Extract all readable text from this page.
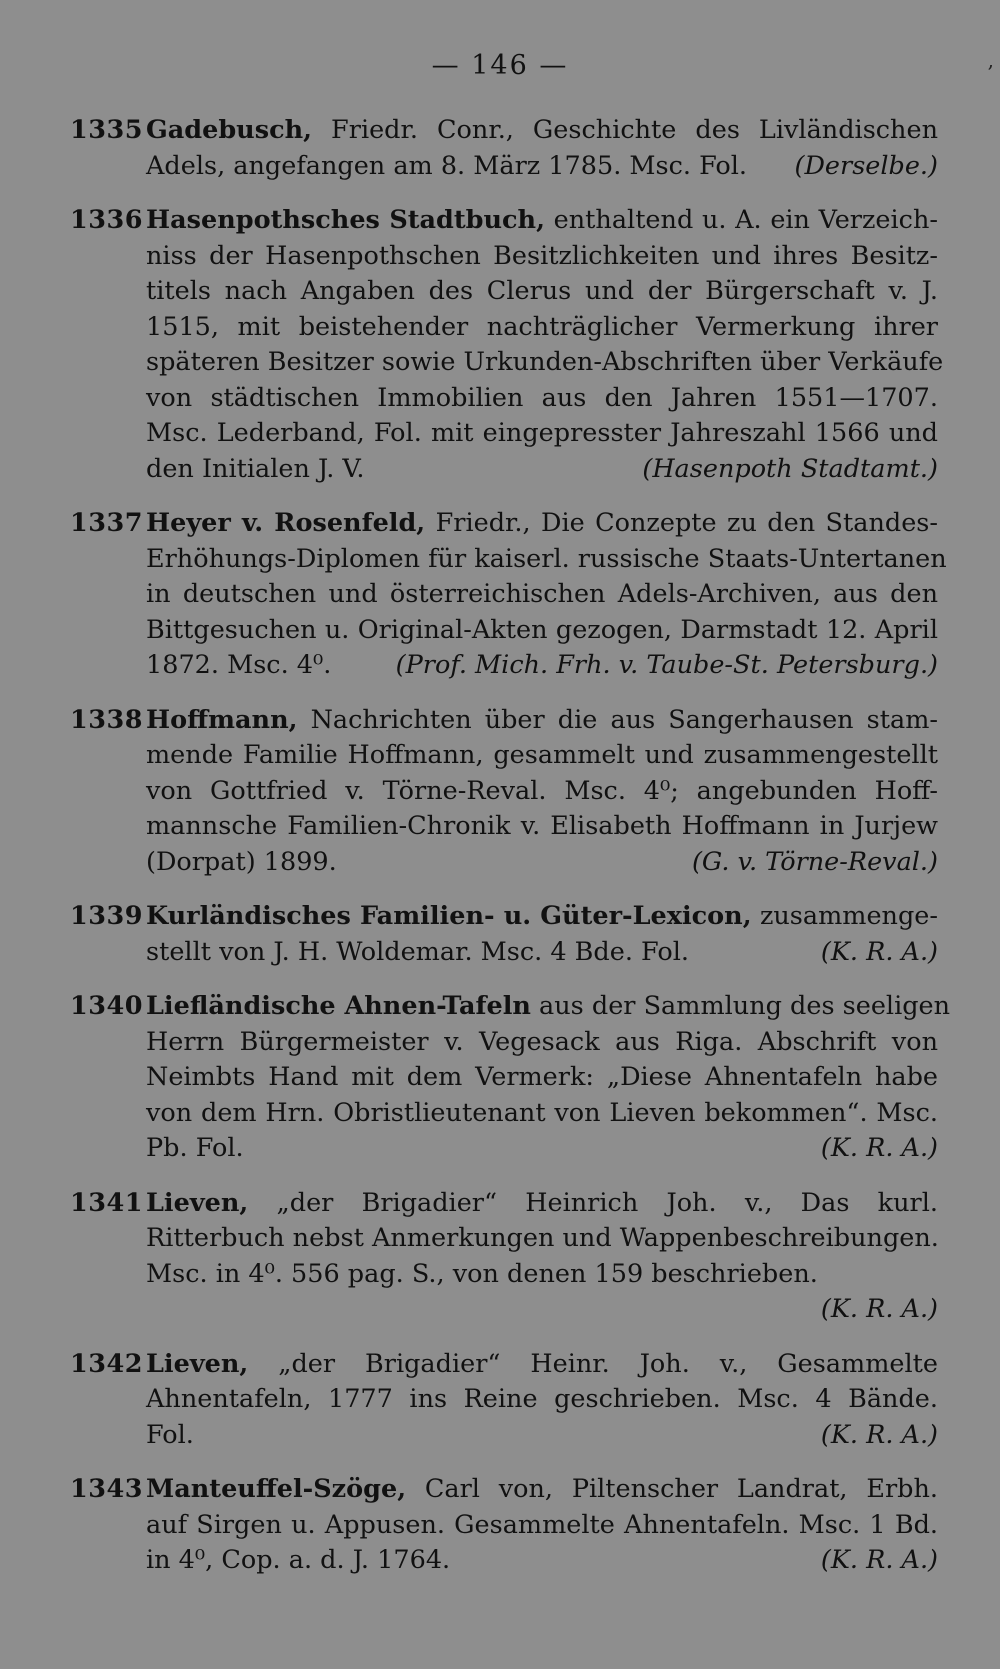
,
— 146 —
1335 Gadebusch, Friedr. Conr., Geschichte des Livländischen
Adels, angefangen am 8. März 1785. Msc. Fol. (Derselbe.)
1336 Hasenpothsches Stadtbuch, enthaltend u. A. ein Verzeich-
niss der Hasenpothschen Besitzlichkeiten und ihres Besitz-
titels nach Angaben des Clerus und der Bürgerschaft v. J.
1515, mit beistehender nachträglicher Vermerkung ihrer
späteren Besitzer sowie Urkunden-Abschriften über Verkäufe
von städtischen Immobilien aus den Jahren 1551—1707.
Msc. Lederband, Fol. mit eingepresster Jahreszahl 1566 und
den Initialen J. V.	(Hasenpoth Stadtamt.)
1337 Heyer v. Rosenfeld, Friedr., Die Conzepte zu den Standes-
Erhöhungs-Diplomen für kaiserl. russische Staats-Untertanen
in deutschen und österreichischen Adels-Archiven, aus den
Bittgesuchen u. Original-Akten gezogen, Darmstadt 12. April
1872. Msc. 4⁰.	(Prof. Mich. Frh. v. Taube-St. Petersburg.)
1338 Hoffmann, Nachrichten über die aus Sangerhausen stam-
mende Familie Hoffmann, gesammelt und zusammengestellt
von Gottfried v. Törne-Reval. Msc. 4⁰; angebunden Hoff-
mannsche Familien-Chronik v. Elisabeth Hoffmann in Jurjew
(Dorpat) 1899.	(G. v. Törne-Reval.)
1339 Kurländisches Familien- u. Güter-Lexicon, zusammenge-
stellt von J. H. Woldemar. Msc. 4 Bde. Fol.	(K. R. A.)
1340 Liefländische Ahnen-Tafeln aus der Sammlung des seeligen
Herrn Bürgermeister v. Vegesack aus Riga. Abschrift von
Neimbts Hand mit dem Vermerk: „Diese Ahnentafeln habe
von dem Hrn. Obristlieutenant von Lieven bekommen“. Msc.
Pb. Fol.	(K. R. A.)
1341 Lieven, „der Brigadier“ Heinrich Joh. v., Das kurl.
Ritterbuch nebst Anmerkungen und Wappenbeschreibungen.
Msc. in 4⁰. 556 pag. S., von denen 159 beschrieben.
(K. R. A.)
1342 Lieven, „der Brigadier“ Heinr. Joh. v., Gesammelte
Ahnentafeln, 1777 ins Reine geschrieben. Msc. 4 Bände.
Fol.	(K. R. A.)
1343 Manteuffel-Szöge, Carl von, Piltenscher Landrat, Erbh.
auf Sirgen u. Appusen. Gesammelte Ahnentafeln. Msc. 1 Bd.
in 4⁰, Cop. a. d. J. 1764.	(K. R. A.)
